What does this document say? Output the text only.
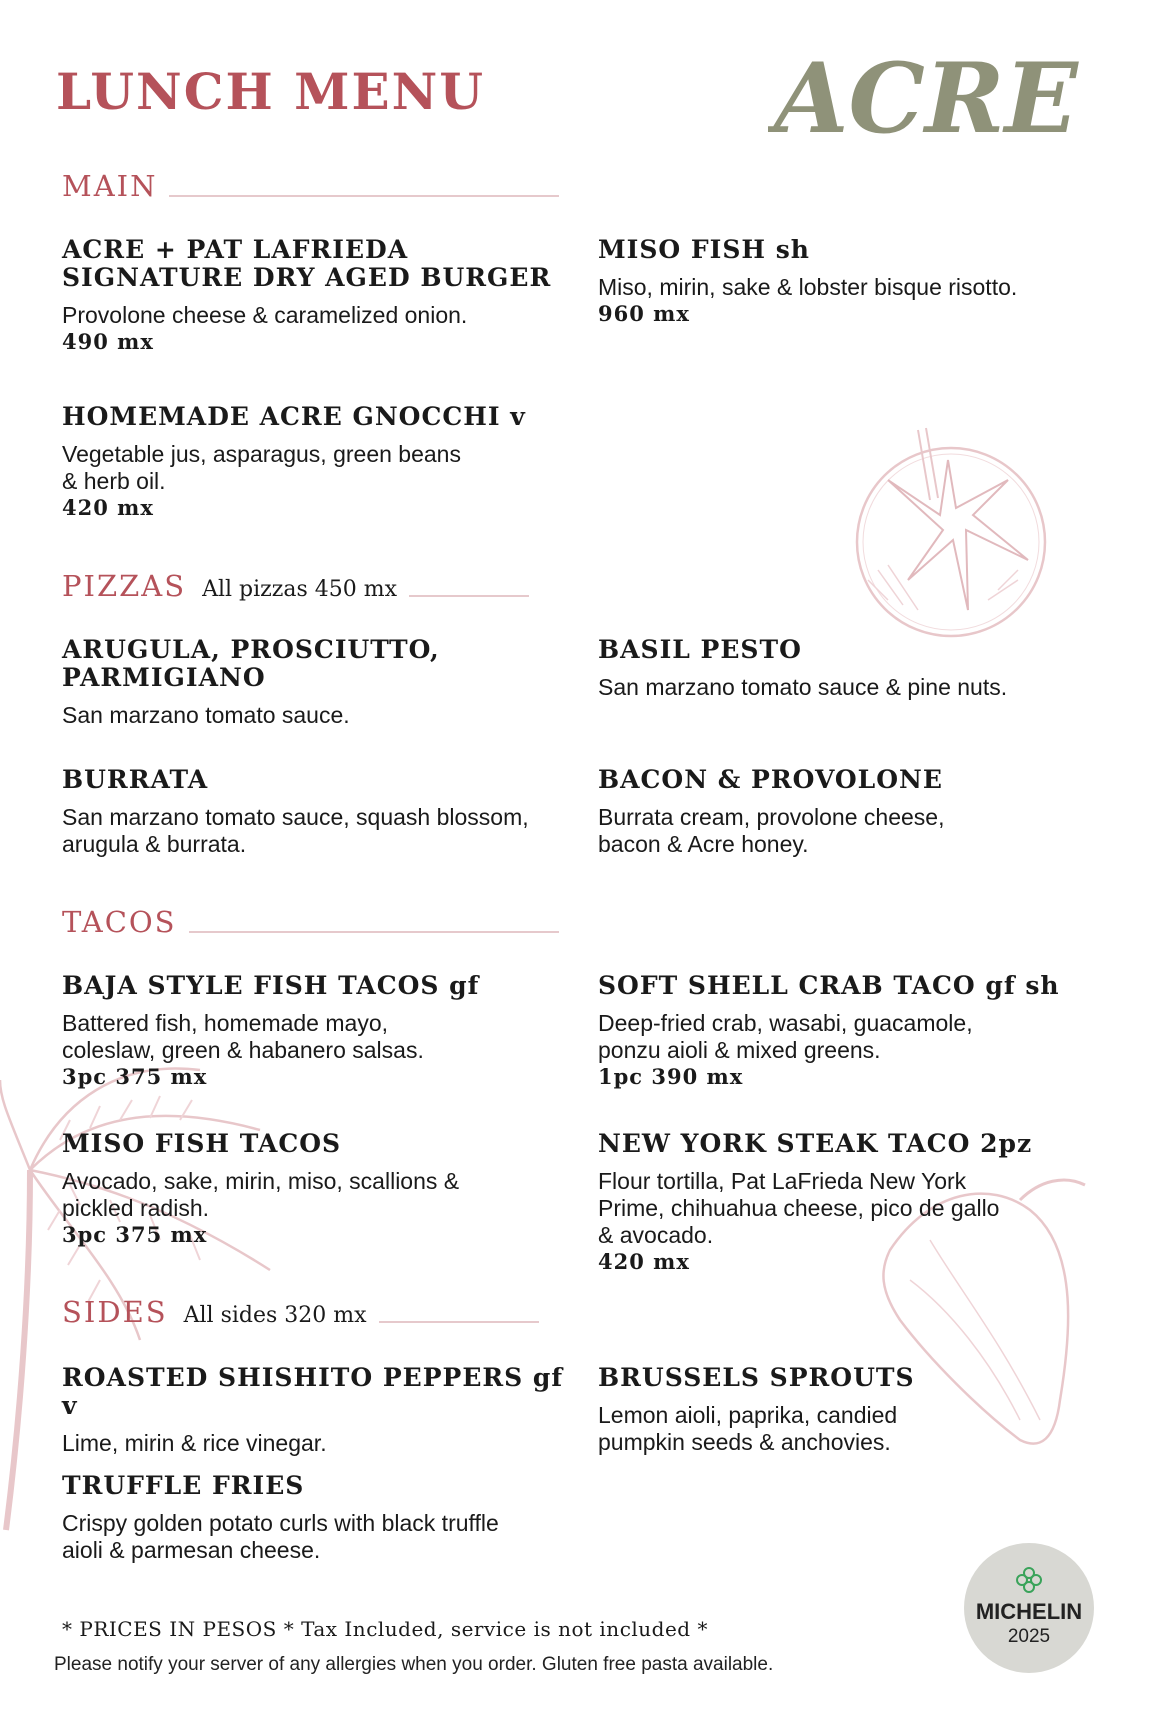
LUNCH MENU	ACRE
MAIN
ACRE + PAT LAFRIEDA
SIGNATURE DRY AGED BURGER
Provolone cheese & caramelized onion.
490 mx
MISO FISH sh
Miso, mirin, sake & lobster bisque risotto.
960 mx
HOMEMADE ACRE GNOCCHI v
Vegetable jus, asparagus, green beans
& herb oil.
420 mx
PIZZAS All pizzas 450 mx
ARUGULA, PROSCIUTTO,
PARMIGIANO
San marzano tomato sauce.
BASIL PESTO
San marzano tomato sauce & pine nuts.
BURRATA
San marzano tomato sauce, squash blossom,
arugula & burrata.
BACON & PROVOLONE
Burrata cream, provolone cheese,
bacon & Acre honey.
TACOS
BAJA STYLE FISH TACOS gf
Battered fish, homemade mayo,
coleslaw, green & habanero salsas.
3pc 375 mx
SOFT SHELL CRAB TACO gf sh
Deep-fried crab, wasabi, guacamole,
ponzu aioli & mixed greens.
1pc 390 mx
MISO FISH TACOS
Avocado, sake, mirin, miso, scallions &
pickled radish.
3pc 375 mx
NEW YORK STEAK TACO 2pz
Flour tortilla, Pat LaFrieda New York
Prime, chihuahua cheese, pico de gallo
& avocado.
420 mx
SIDES All sides 320 mx
ROASTED SHISHITO PEPPERS gf v
Lime, mirin & rice vinegar.
BRUSSELS SPROUTS
Lemon aioli, paprika, candied
pumpkin seeds & anchovies.
TRUFFLE FRIES
Crispy golden potato curls with black truffle
aioli & parmesan cheese.
* PRICES IN PESOS * Tax Included, service is not included *
Please notify your server of any allergies when you order. Gluten free pasta available.
MICHELIN
2025
